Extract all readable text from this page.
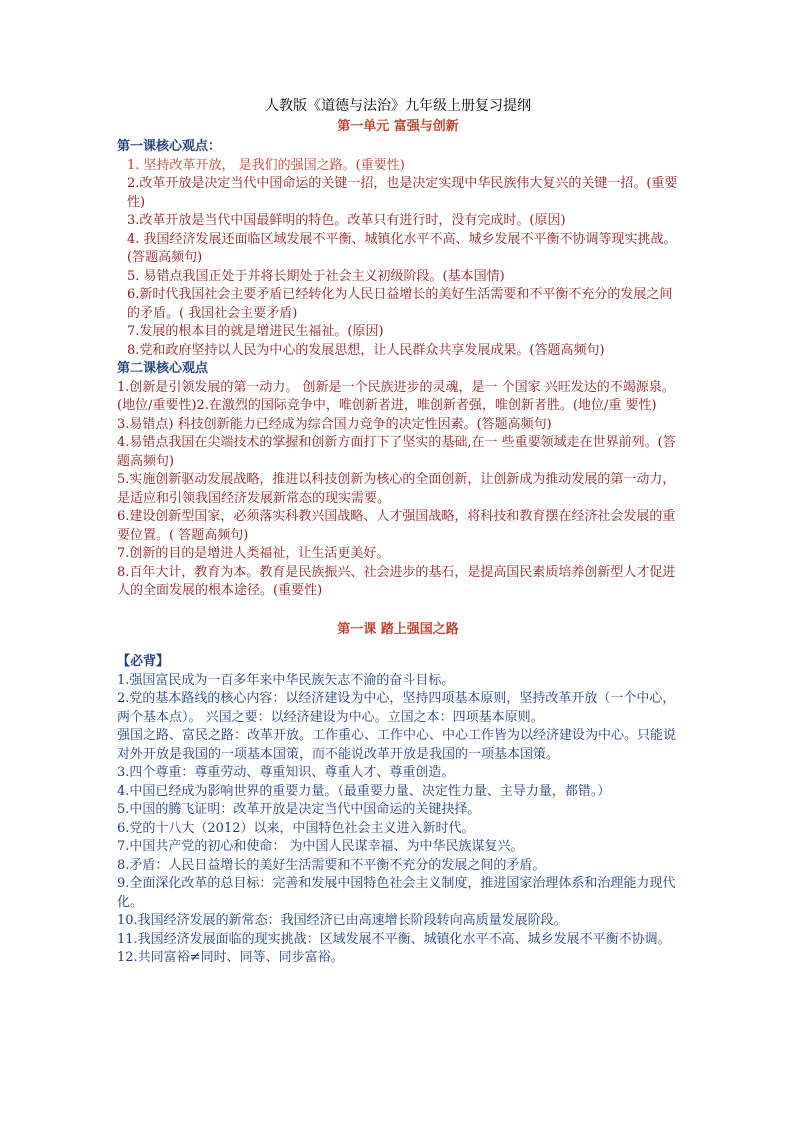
人教版《道德与法治》九年级上册复习提纲
第一单元 富强与创新
第一课核心观点：

1. 坚持改革开放， 是我们的强国之路。(重要性)

2.改革开放是决定当代中国命运的关键一招，也是决定实现中华民族伟大复兴的关键一招。(重要性)

3.改革开放是当代中国最鲜明的特色。改革只有进行时，没有完成时。(原因)

4. 我国经济发展还面临区域发展不平衡、城镇化水平不高、城乡发展不平衡不协调等现实挑战。(答题高频句)

5. 易错点我国正处于并将长期处于社会主义初级阶段。(基本国情)

6.新时代我国社会主要矛盾已经转化为人民日益增长的美好生活需要和不平衡不充分的发展之间的矛盾。( 我国社会主要矛盾)

7.发展的根本目的就是增进民生福祉。(原因)

8.党和政府坚持以人民为中心的发展思想，让人民群众共享发展成果。(答题高频句)

第二课核心观点

1.创新是引领发展的第一动力。 创新是一个民族进步的灵魂，是一 个国家 兴旺发达的不竭源泉。(地位/重要性)2.在激烈的国际竞争中，唯创新者进，唯创新者强，唯创新者胜。(地位/重 要性)

3.易错点) 科技创新能力已经成为综合国力竞争的决定性因素。(答题高频句)

4.易错点我国在尖端技术的掌握和创新方面打下了坚实的基础,在一 些重要领域走在世界前列。(答题高频句)

5.实施创新驱动发展战略，推进以科技创新为核心的全面创新，让创新成为推动发展的第一动力，是适应和引领我国经济发展新常态的现实需要。

6.建设创新型国家，必须落实科教兴国战略、人才强国战略，将科技和教育摆在经济社会发展的重要位置。( 答题高频句)

7.创新的目的是增进人类福祉，让生活更美好。

8.百年大计，教育为本。教育是民族振兴、社会进步的基石，是提高国民素质培养创新型人才促进人的全面发展的根本途径。(重要性)

第一课 踏上强国之路
【必背】

1.强国富民成为一百多年来中华民族矢志不渝的奋斗目标。

2.党的基本路线的核心内容：以经济建设为中心，坚持四项基本原则，坚持改革开放（一个中心，两个基本点）。 兴国之要：以经济建设为中心。立国之本：四项基本原则。

强国之路、富民之路：改革开放。工作重心、工作中心、中心工作皆为以经济建设为中心。只能说对外开放是我国的一项基本国策，而不能说改革开放是我国的一项基本国策。

3.四个尊重：尊重劳动、尊重知识、尊重人才、尊重创造。

4.中国已经成为影响世界的重要力量。（最重要力量、决定性力量、主导力量，都错。）

5.中国的腾飞证明：改革开放是决定当代中国命运的关键抉择。

6.党的十八大（2012）以来，中国特色社会主义进入新时代。

7.中国共产党的初心和使命： 为中国人民谋幸福、为中华民族谋复兴。

8.矛盾：人民日益增长的美好生活需要和不平衡不充分的发展之间的矛盾。

9.全面深化改革的总目标：完善和发展中国特色社会主义制度，推进国家治理体系和治理能力现代化。

10.我国经济发展的新常态：我国经济已由高速增长阶段转向高质量发展阶段。

11.我国经济发展面临的现实挑战：区域发展不平衡、城镇化水平不高、城乡发展不平衡不协调。

12.共同富裕≠同时、同等、同步富裕。
